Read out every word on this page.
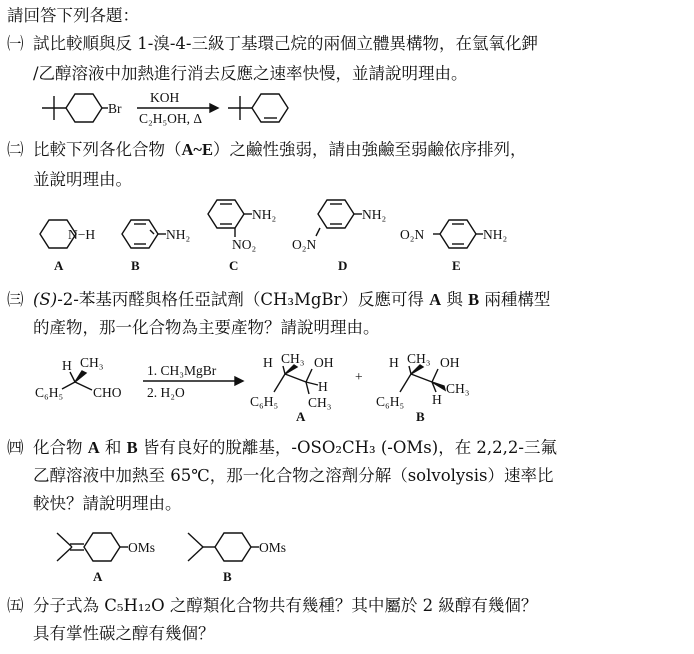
請回答下列各題：
㈠ 試比較順與反 1-溴-4-三級丁基環己烷的兩個立體異構物，在氫氧化鉀
/乙醇溶液中加熱進行消去反應之速率快慢，並請說明理由。
Br
KOH
C₂H₅OH, Δ
㈡ 比較下列各化合物（A~E）之鹼性強弱，請由強鹼至弱鹼依序排列，
並說明理由。
N−H	NH₂
NH₂
NO₂
NH₂
O₂N
O₂N	NH₂
A	B	C	D	E
㈢ (S)-2-苯基丙醛與格任亞試劑（CH₃MgBr）反應可得 A 與 B 兩種構型
的產物，那一化合物為主要產物？請說明理由。
H CH₃
C₆H₅ CHO
1. CH₃MgBr
2. H₂O
H CH₃ OH
H
C₆H₅ CH₃
A
+
H CH₃ OH
CH₃
H
C₆H₅
B
㈣ 化合物 A 和 B 皆有良好的脫離基，-OSO₂CH₃ (-OMs)，在 2,2,2-三氟
乙醇溶液中加熱至 65℃，那一化合物之溶劑分解（solvolysis）速率比
較快？請說明理由。
OMs	OMs
A	B
㈤ 分子式為 C₅H₁₂O 之醇類化合物共有幾種？其中屬於 2 級醇有幾個？
具有掌性碳之醇有幾個？
